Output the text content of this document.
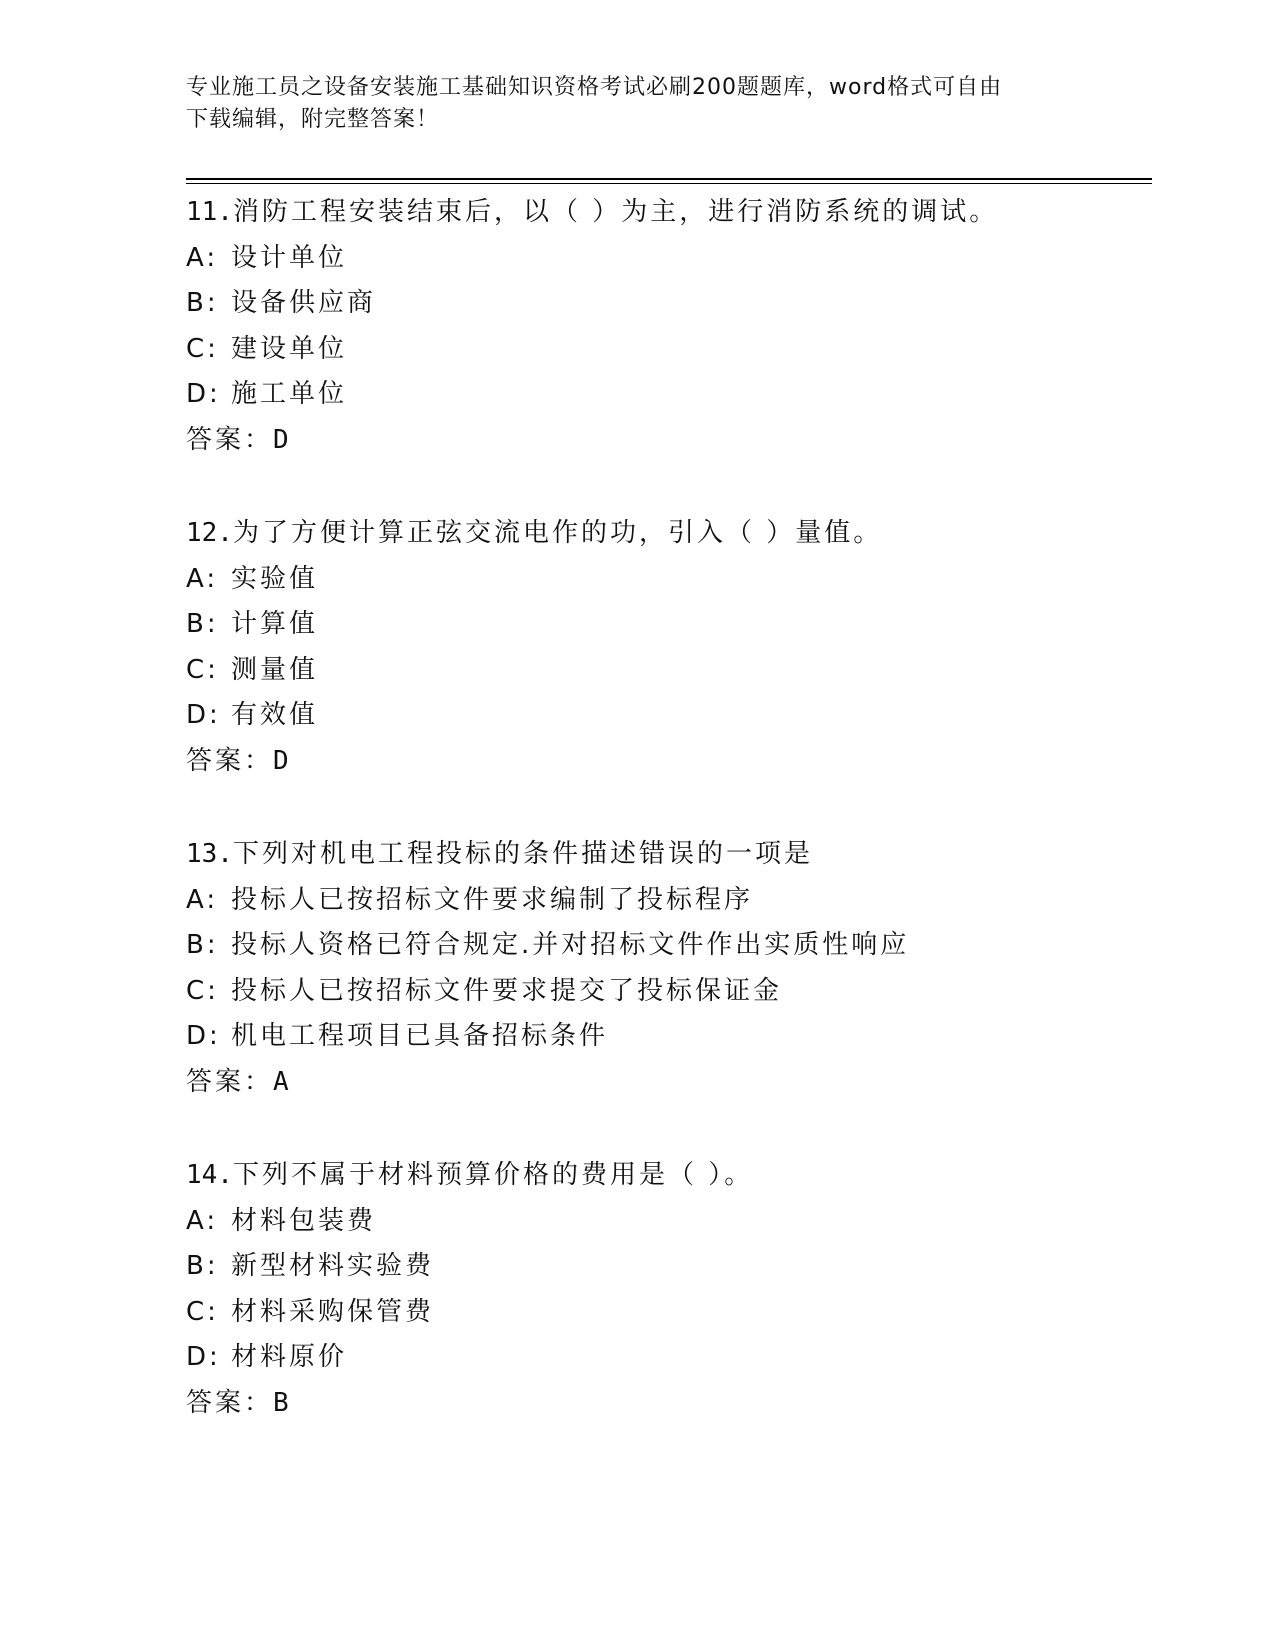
专业施工员之设备安装施工基础知识资格考试必刷200题题库，word格式可自由
下载编辑，附完整答案！
11.消防工程安装结束后，以（ ）为主，进行消防系统的调试。
A: 设计单位
B: 设备供应商
C: 建设单位
D: 施工单位
答案：D
12.为了方便计算正弦交流电作的功，引入（ ）量值。
A: 实验值
B: 计算值
C: 测量值
D: 有效值
答案：D
13.下列对机电工程投标的条件描述错误的一项是
A: 投标人已按招标文件要求编制了投标程序
B: 投标人资格已符合规定.并对招标文件作出实质性响应
C: 投标人已按招标文件要求提交了投标保证金
D: 机电工程项目已具备招标条件
答案：A
14.下列不属于材料预算价格的费用是（ ）。
A: 材料包装费
B: 新型材料实验费
C: 材料采购保管费
D: 材料原价
答案：B
